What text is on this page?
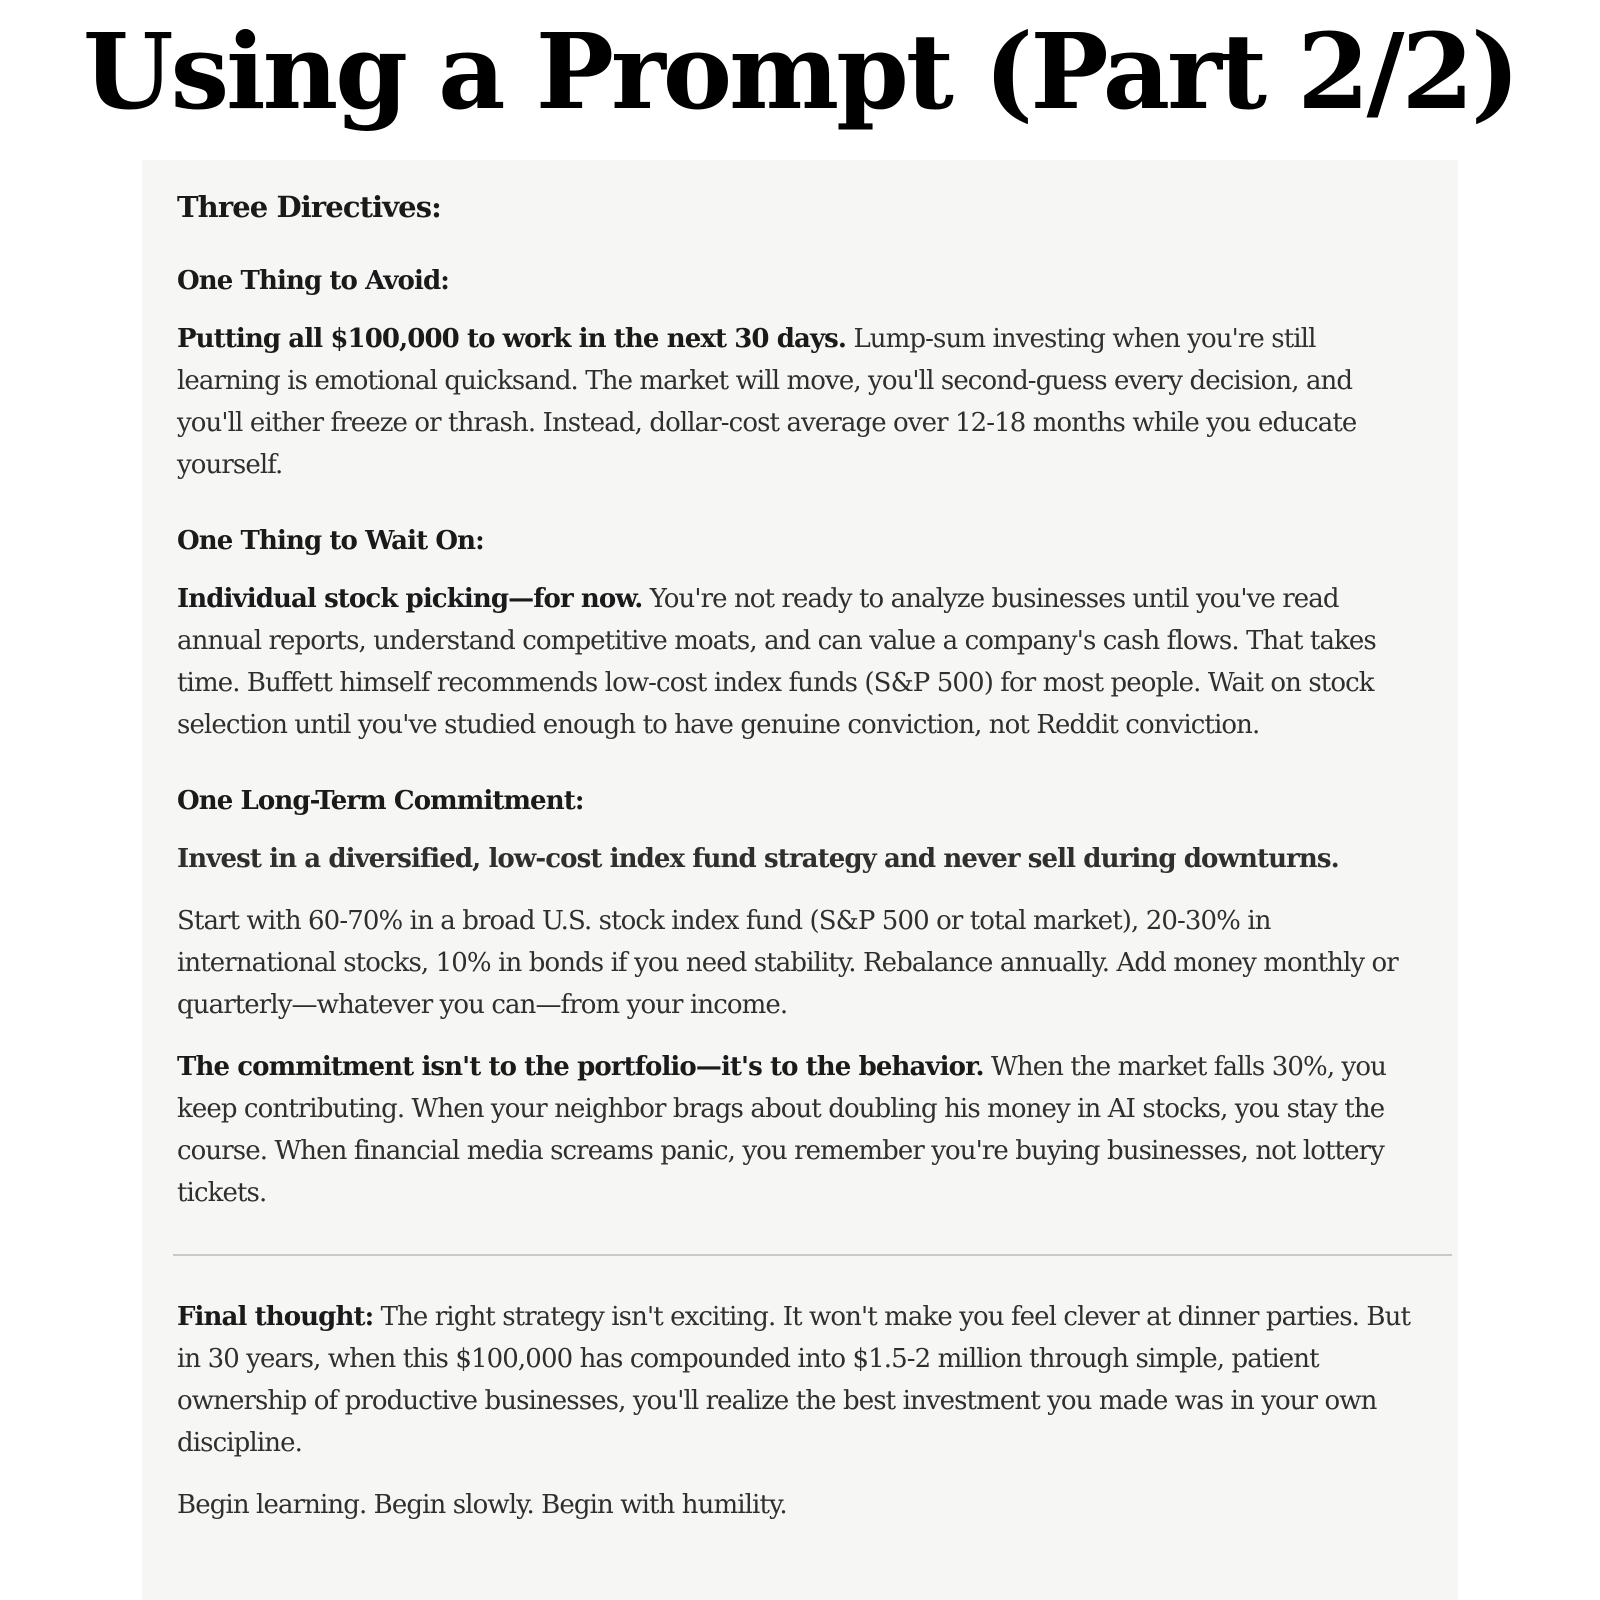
Using a Prompt (Part 2/2)

Three Directives:

One Thing to Avoid:

Putting all $100,000 to work in the next 30 days. Lump-sum investing when you're still learning is emotional quicksand. The market will move, you'll second-guess every decision, and you'll either freeze or thrash. Instead, dollar-cost average over 12-18 months while you educate yourself.

One Thing to Wait On:

Individual stock picking—for now. You're not ready to analyze businesses until you've read annual reports, understand competitive moats, and can value a company's cash flows. That takes time. Buffett himself recommends low-cost index funds (S&P 500) for most people. Wait on stock selection until you've studied enough to have genuine conviction, not Reddit conviction.

One Long-Term Commitment:

Invest in a diversified, low-cost index fund strategy and never sell during downturns.

Start with 60-70% in a broad U.S. stock index fund (S&P 500 or total market), 20-30% in international stocks, 10% in bonds if you need stability. Rebalance annually. Add money monthly or quarterly—whatever you can—from your income.

The commitment isn't to the portfolio—it's to the behavior. When the market falls 30%, you keep contributing. When your neighbor brags about doubling his money in AI stocks, you stay the course. When financial media screams panic, you remember you're buying businesses, not lottery tickets.

Final thought: The right strategy isn't exciting. It won't make you feel clever at dinner parties. But in 30 years, when this $100,000 has compounded into $1.5-2 million through simple, patient ownership of productive businesses, you'll realize the best investment you made was in your own discipline.

Begin learning. Begin slowly. Begin with humility.
